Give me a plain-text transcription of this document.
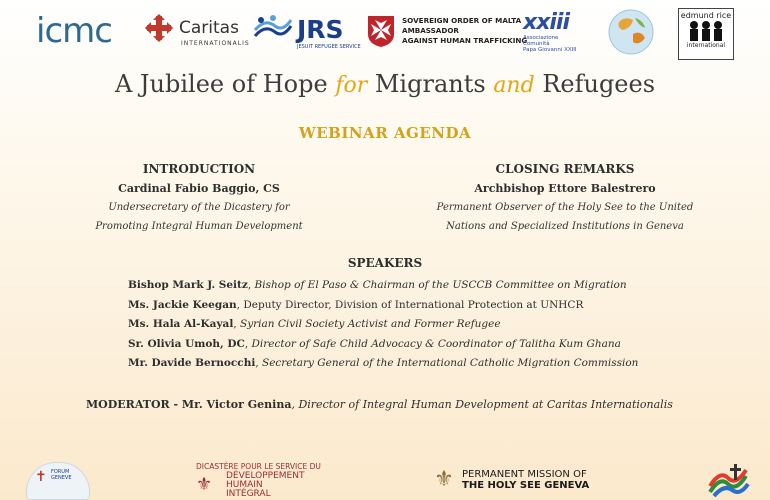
icmc	Caritas
INTERNATIONALIS JRS
JESUIT REFUGEE SERVICE
SOVEREIGN ORDER OF MALTA
AMBASSADOR
AGAINST HUMAN TRAFFICKING
xxiii
Associazione
Comunità
Papa Giovanni XXIII
edmund rice
international
A Jubilee of Hope for Migrants and Refugees
WEBINAR AGENDA
INTRODUCTION
Cardinal Fabio Baggio, CS
Undersecretary of the Dicastery for
Promoting Integral Human Development
CLOSING REMARKS
Archbishop Ettore Balestrero
Permanent Observer of the Holy See to the United
Nations and Specialized Institutions in Geneva
SPEAKERS
Bishop Mark J. Seitz, Bishop of El Paso & Chairman of the USCCB Committee on Migration
Ms. Jackie Keegan, Deputy Director, Division of International Protection at UNHCR
Ms. Hala Al-Kayal, Syrian Civil Society Activist and Former Refugee
Sr. Olivia Umoh, DC, Director of Safe Child Advocacy & Coordinator of Talitha Kum Ghana
Mr. Davide Bernocchi, Secretary General of the International Catholic Migration Commission
MODERATOR - Mr. Victor Genina, Director of Integral Human Development at Caritas Internationalis
✝ FORUM GENEVE
DICASTÈRE POUR LE SERVICE DU
⚜	DÉVELOPPEMENT
HUMAIN
INTÉGRAL
⚜ PERMANENT MISSION OF
THE HOLY SEE GENEVA
